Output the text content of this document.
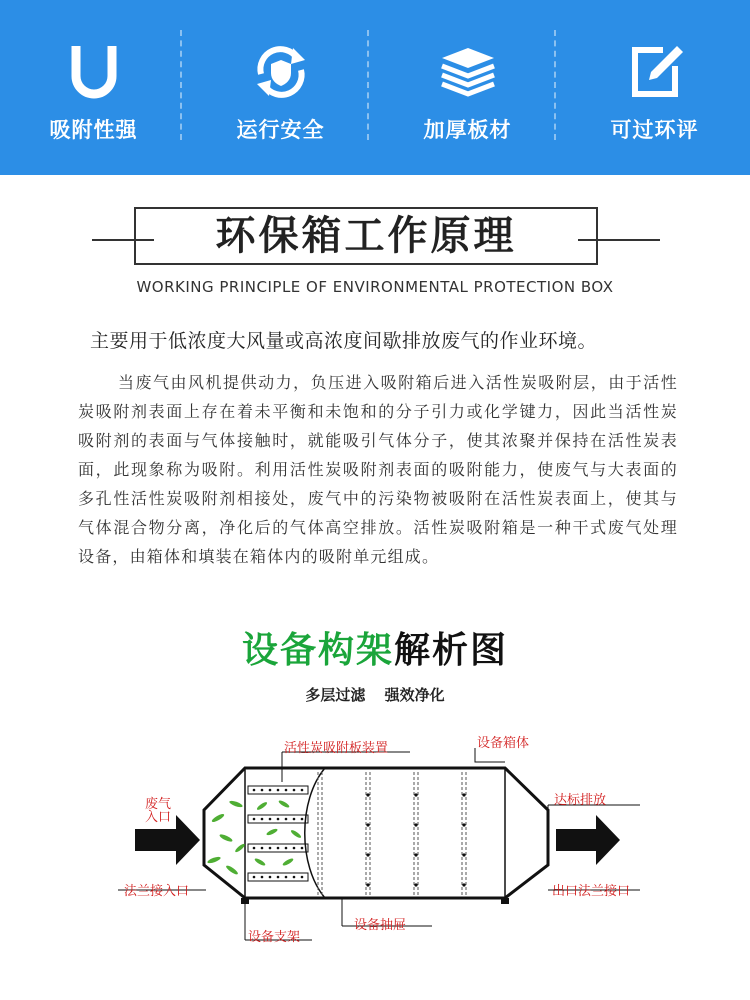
吸附性强	运行安全	加厚板材	可过环评
环保箱工作原理
WORKING PRINCIPLE OF ENVIRONMENTAL PROTECTION BOX
主要用于低浓度大风量或高浓度间歇排放废气的作业环境。

当废气由风机提供动力，负压进入吸附箱后进入活性炭吸附层，由于活性炭吸附剂表面上存在着未平衡和未饱和的分子引力或化学键力，因此当活性炭吸附剂的表面与气体接触时，就能吸引气体分子，使其浓聚并保持在活性炭表面，此现象称为吸附。利用活性炭吸附剂表面的吸附能力，使废气与大表面的多孔性活性炭吸附剂相接处，废气中的污染物被吸附在活性炭表面上，使其与气体混合物分离，净化后的气体高空排放。活性炭吸附箱是一种干式废气处理设备，由箱体和填装在箱体内的吸附单元组成。

设备构架解析图
多层过滤 强效净化
活性炭吸附板装置	设备箱体
废气
入口
达标排放
法兰接入口	出口法兰接口
设备支架
设备抽屉
